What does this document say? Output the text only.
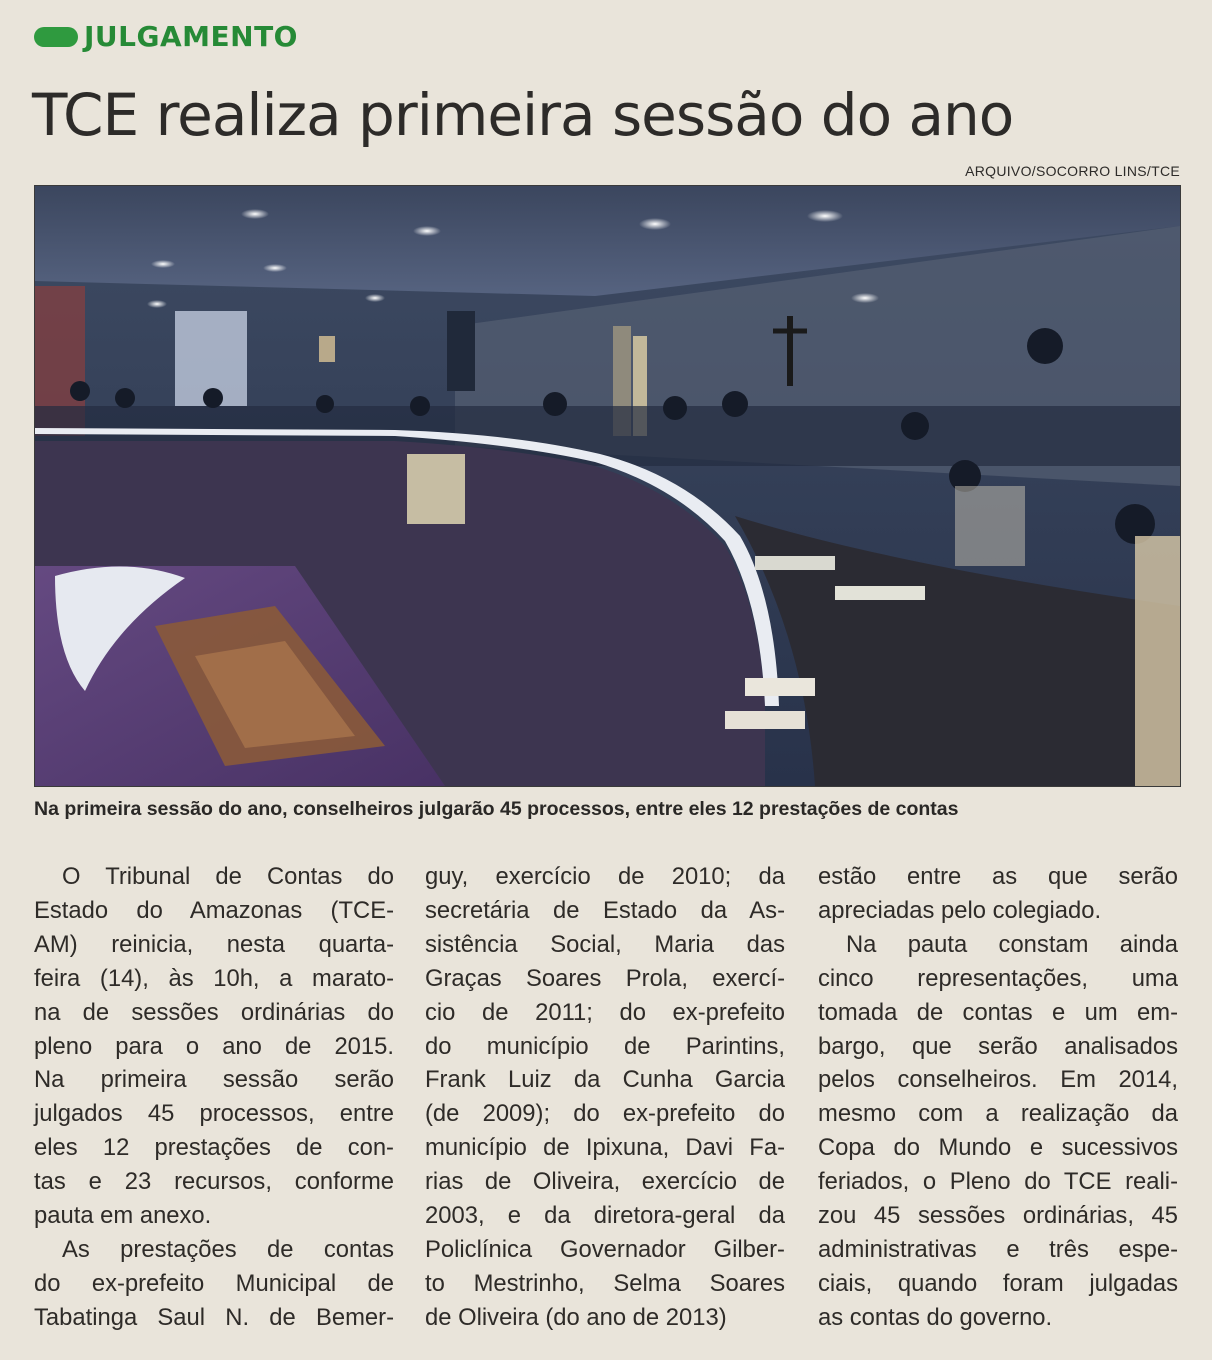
JULGAMENTO
TCE realiza primeira sessão do ano
ARQUIVO/SOCORRO LINS/TCE
Na primeira sessão do ano, conselheiros julgarão 45 processos, entre eles 12 prestações de contas

O Tribunal de Contas do

Estado do Amazonas (TCE-

AM) reinicia, nesta quarta-

feira (14), às 10h, a marato-

na de sessões ordinárias do

pleno para o ano de 2015.

Na primeira sessão serão

julgados 45 processos, entre

eles 12 prestações de con-

tas e 23 recursos, conforme

pauta em anexo.

As prestações de contas

do ex-prefeito Municipal de

Tabatinga Saul N. de Bemer-

guy, exercício de 2010; da

secretária de Estado da As-

sistência Social, Maria das

Graças Soares Prola, exercí-

cio de 2011; do ex-prefeito

do município de Parintins,

Frank Luiz da Cunha Garcia

(de 2009); do ex-prefeito do

município de Ipixuna, Davi Fa-

rias de Oliveira, exercício de

2003, e da diretora-geral da

Policlínica Governador Gilber-

to Mestrinho, Selma Soares

de Oliveira (do ano de 2013)

estão entre as que serão

apreciadas pelo colegiado.

Na pauta constam ainda

cinco representações, uma

tomada de contas e um em-

bargo, que serão analisados

pelos conselheiros. Em 2014,

mesmo com a realização da

Copa do Mundo e sucessivos

feriados, o Pleno do TCE reali-

zou 45 sessões ordinárias, 45

administrativas e três espe-

ciais, quando foram julgadas

as contas do governo.
